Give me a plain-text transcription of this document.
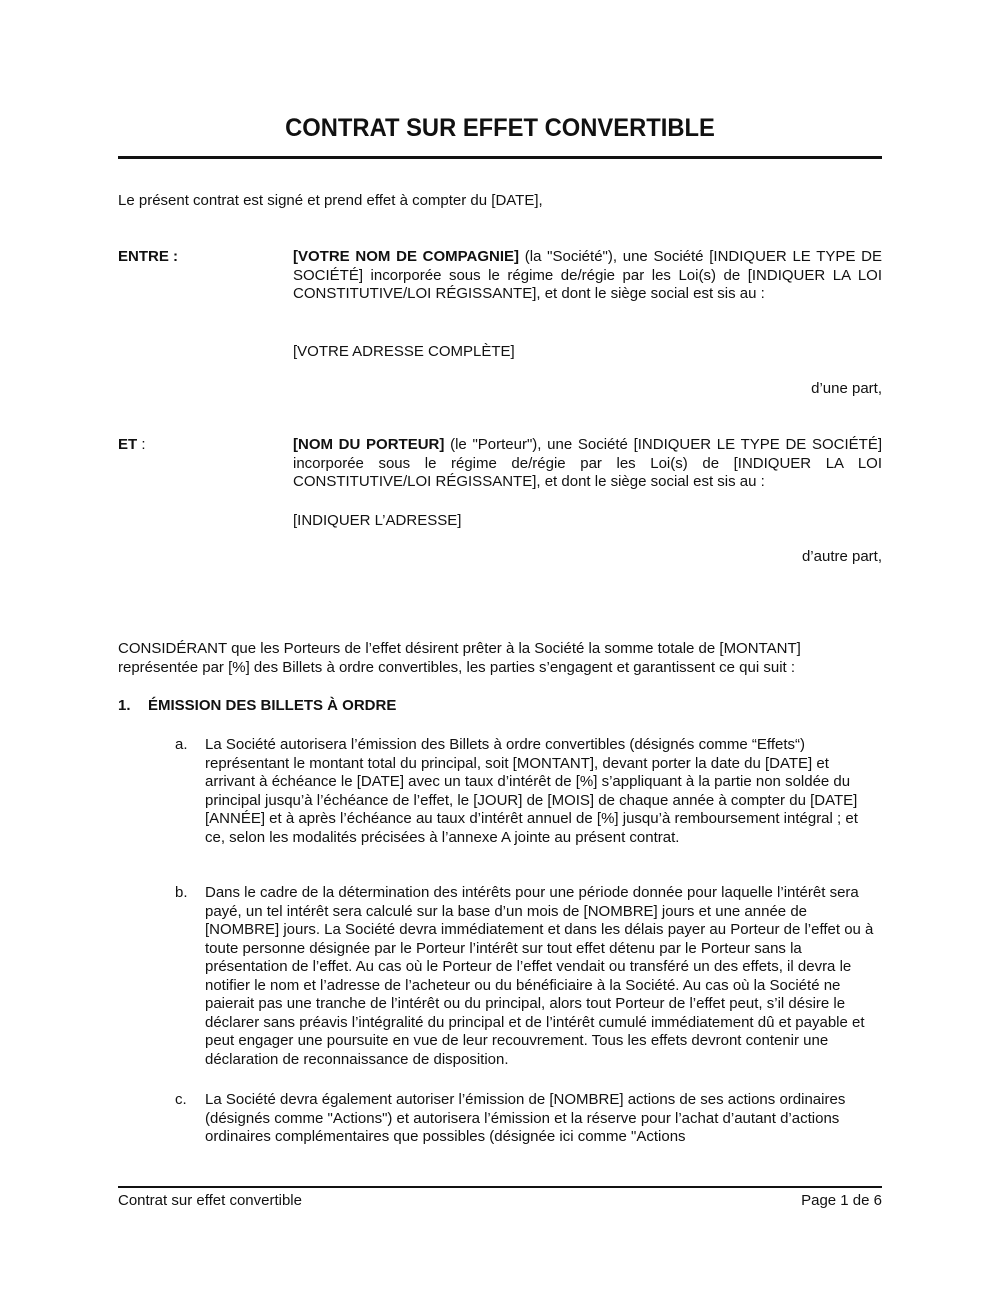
CONTRAT SUR EFFET CONVERTIBLE
Le présent contrat est signé et prend effet à compter du [DATE],
ENTRE :	[VOTRE NOM DE COMPAGNIE] (la "Société"), une Société [INDIQUER LE TYPE DE SOCIÉTÉ] incorporée sous le régime de/régie par les Loi(s) de [INDIQUER LA LOI CONSTITUTIVE/LOI RÉGISSANTE], et dont le siège social est sis au :
[VOTRE ADRESSE COMPLÈTE]
d’une part,
ET :	[NOM DU PORTEUR] (le "Porteur"), une Société [INDIQUER LE TYPE DE SOCIÉTÉ] incorporée sous le régime de/régie par les Loi(s) de [INDIQUER LA LOI CONSTITUTIVE/LOI RÉGISSANTE], et dont le siège social est sis au :
[INDIQUER L’ADRESSE]
d’autre part,
CONSIDÉRANT que les Porteurs de l’effet désirent prêter à la Société la somme totale de [MONTANT] représentée par [%] des Billets à ordre convertibles, les parties s’engagent et garantissent ce qui suit :
1. ÉMISSION DES BILLETS À ORDRE
a. La Société autorisera l’émission des Billets à ordre convertibles (désignés comme “Effets“) représentant le montant total du principal, soit [MONTANT], devant porter la date du [DATE] et arrivant à échéance le [DATE] avec un taux d’intérêt de [%] s’appliquant à la partie non soldée du principal jusqu’à l’échéance de l’effet, le [JOUR] de [MOIS] de chaque année à compter du [DATE] [ANNÉE] et à après l’échéance au taux d’intérêt annuel de [%] jusqu’à remboursement intégral ; et ce, selon les modalités précisées à l’annexe A jointe au présent contrat.
b. Dans le cadre de la détermination des intérêts pour une période donnée pour laquelle l’intérêt sera payé, un tel intérêt sera calculé sur la base d’un mois de [NOMBRE] jours et une année de [NOMBRE] jours. La Société devra immédiatement et dans les délais payer au Porteur de l’effet ou à toute personne désignée par le Porteur l’intérêt sur tout effet détenu par le Porteur sans la présentation de l’effet. Au cas où le Porteur de l’effet vendait ou transféré un des effets, il devra le notifier le nom et l’adresse de l’acheteur ou du bénéficiaire à la Société. Au cas où la Société ne paierait pas une tranche de l’intérêt ou du principal, alors tout Porteur de l’effet peut, s’il désire le déclarer sans préavis l’intégralité du principal et de l’intérêt cumulé immédiatement dû et payable et peut engager une poursuite en vue de leur recouvrement. Tous les effets devront contenir une déclaration de reconnaissance de disposition.
c. La Société devra également autoriser l’émission de [NOMBRE] actions de ses actions ordinaires (désignés comme "Actions") et autorisera l’émission et la réserve pour l’achat d’autant d’actions ordinaires complémentaires que possibles (désignée ici comme "Actions
Contrat sur effet convertible	Page 1 de 6
